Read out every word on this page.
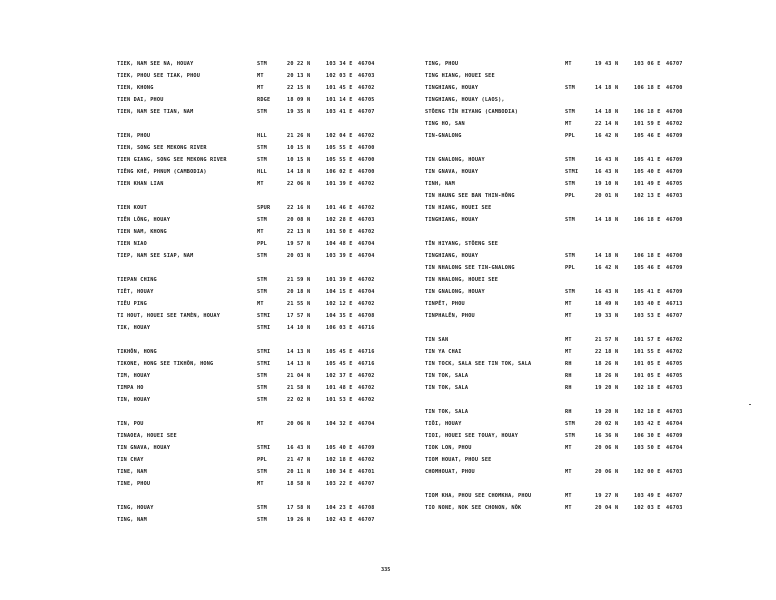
TIEK, NAM SEE NA, HOUAY	STM	20 22 N	103 34 E 46704
TIEK, PHOU SEE TIAK, PHOU	MT	20 13 N	102 03 E 46703
TIEN, KHONG	MT	22 15 N	101 45 E 46702
TIEN DAI, PHOU	RDGE	18 09 N	101 14 E 46705
TIEN, NAM SEE TIAN, NAM	STM	19 35 N	103 41 E 46707
TIEN, PHOU	HLL	21 26 N	102 04 E 46702
TIEN, SONG SEE MEKONG RIVER	STM	10 15 N	105 55 E 46700
TIEN GIANG, SONG SEE MEKONG RIVER	STM	10 15 N	105 55 E 46700
TIÊNG KHÉ, PHNUM (CAMBODIA)	HLL	14 18 N	106 02 E 46700
TIEN KHAN LIAN	MT	22 06 N	101 39 E 46702
TIEN KOUT	SPUR	22 16 N	101 46 E 46702
TIÊN LÔNG, HOUAY	STM	20 08 N	102 28 E 46703
TIEN NAM, KHONG	MT	22 13 N	101 50 E 46702
TIEN NIAO	PPL	19 57 N	104 48 E 46704
TIEP, NAM SEE SIAP, NAM	STM	20 03 N	103 39 E 46704
TIEPAN CHING	STM	21 59 N	101 39 E 46702
TIÊT, HOUAY	STM	20 18 N	104 15 E 46704
TIÊU PING	MT	21 55 N	102 12 E 46702
TI HOUT, HOUEI SEE TAMÈN, HOUAY	STMI	17 57 N	104 35 E 46708
TIK, HOUAY	STMI	14 10 N	106 03 E 46716
TIKHÔN, HONG	STMI	14 13 N	105 45 E 46716
TIKONE, HONG SEE TIKHÔN, HONG	STMI	14 13 N	105 45 E 46716
TIM, HOUAY	STM	21 04 N	102 37 E 46702
TIMPA HO	STM	21 58 N	101 48 E 46702
TIN, HOUAY	STM	22 02 N	101 53 E 46702
TIN, POU	MT	20 06 N	104 32 E 46704
TINAOEA, HOUEI SEE
TIN GNAVA, HOUAY	STMI	16 43 N	105 40 E 46709
TIN CHAY	PPL	21 47 N	102 18 E 46702
TINE, NAM	STM	20 11 N	100 34 E 46701
TINE, PHOU	MT	18 58 N	103 22 E 46707
TING, HOUAY	STM	17 58 N	104 23 E 46708
TING, NAM	STM	19 26 N	102 43 E 46707
TING, PHOU	MT	19 43 N	103 06 E 46707
TING HIANG, HOUEI SEE
TINGHIANG, HOUAY	STM	14 18 N	106 18 E 46700
TINGHIANG, HOUAY (LAOS),
STÔENG TÎN HIYANG (CAMBODIA)	STM	14 18 N	106 18 E 46700
TING HO, SAN	MT	22 14 N	101 59 E 46702
TIN-GNALONG	PPL	16 42 N	105 46 E 46709
TIN GNALONG, HOUAY	STM	16 43 N	105 41 E 46709
TIN GNAVA, HOUAY	STMI	16 43 N	105 40 E 46709
TINH, NAM	STM	19 10 N	101 49 E 46705
TIN HAUNG SEE BAN THIN-HÔNG	PPL	20 01 N	102 13 E 46703
TIN HIANG, HOUEI SEE
TINGHIANG, HOUAY	STM	14 18 N	106 18 E 46700
TÎN HIYANG, STÔENG SEE
TINGHIANG, HOUAY	STM	14 18 N	106 18 E 46700
TIN NHALONG SEE TIN-GNALONG	PPL	16 42 N	105 46 E 46709
TIN NHALONG, HOUEI SEE
TIN GNALONG, HOUAY	STM	16 43 N	105 41 E 46709
TINPÊT, PHOU	MT	18 49 N	103 40 E 46713
TINPHALÊN, PHOU	MT	19 33 N	103 53 E 46707
TIN SAN	MT	21 57 N	101 57 E 46702
TIN YA CHAI	MT	22 18 N	101 55 E 46702
TIN TOCK, SALA SEE TIN TOK, SALA	RH	18 26 N	101 05 E 46705
TIN TOK, SALA	RH	18 26 N	101 05 E 46705
TIN TOK, SALA	RH	19 20 N	102 18 E 46703
TIN TOK, SALA	RH	19 20 N	102 18 E 46703
TIÔI, HOUAY	STM	20 02 N	103 42 E 46704
TIOI, HOUEI SEE TOUAY, HOUAY	STM	16 36 N	106 30 E 46709
TIOK LON, PHOU	MT	20 06 N	103 50 E 46704
TIOM HOUAT, PHOU SEE
CHOMHOUAT, PHOU	MT	20 06 N	102 00 E 46703
TIOM KHA, PHOU SEE CHOMKHA, PHOU	MT	19 27 N	103 49 E 46707
TIO NONE, NOK SEE CHONON, NÔK	MT	20 04 N	102 03 E 46703
335
